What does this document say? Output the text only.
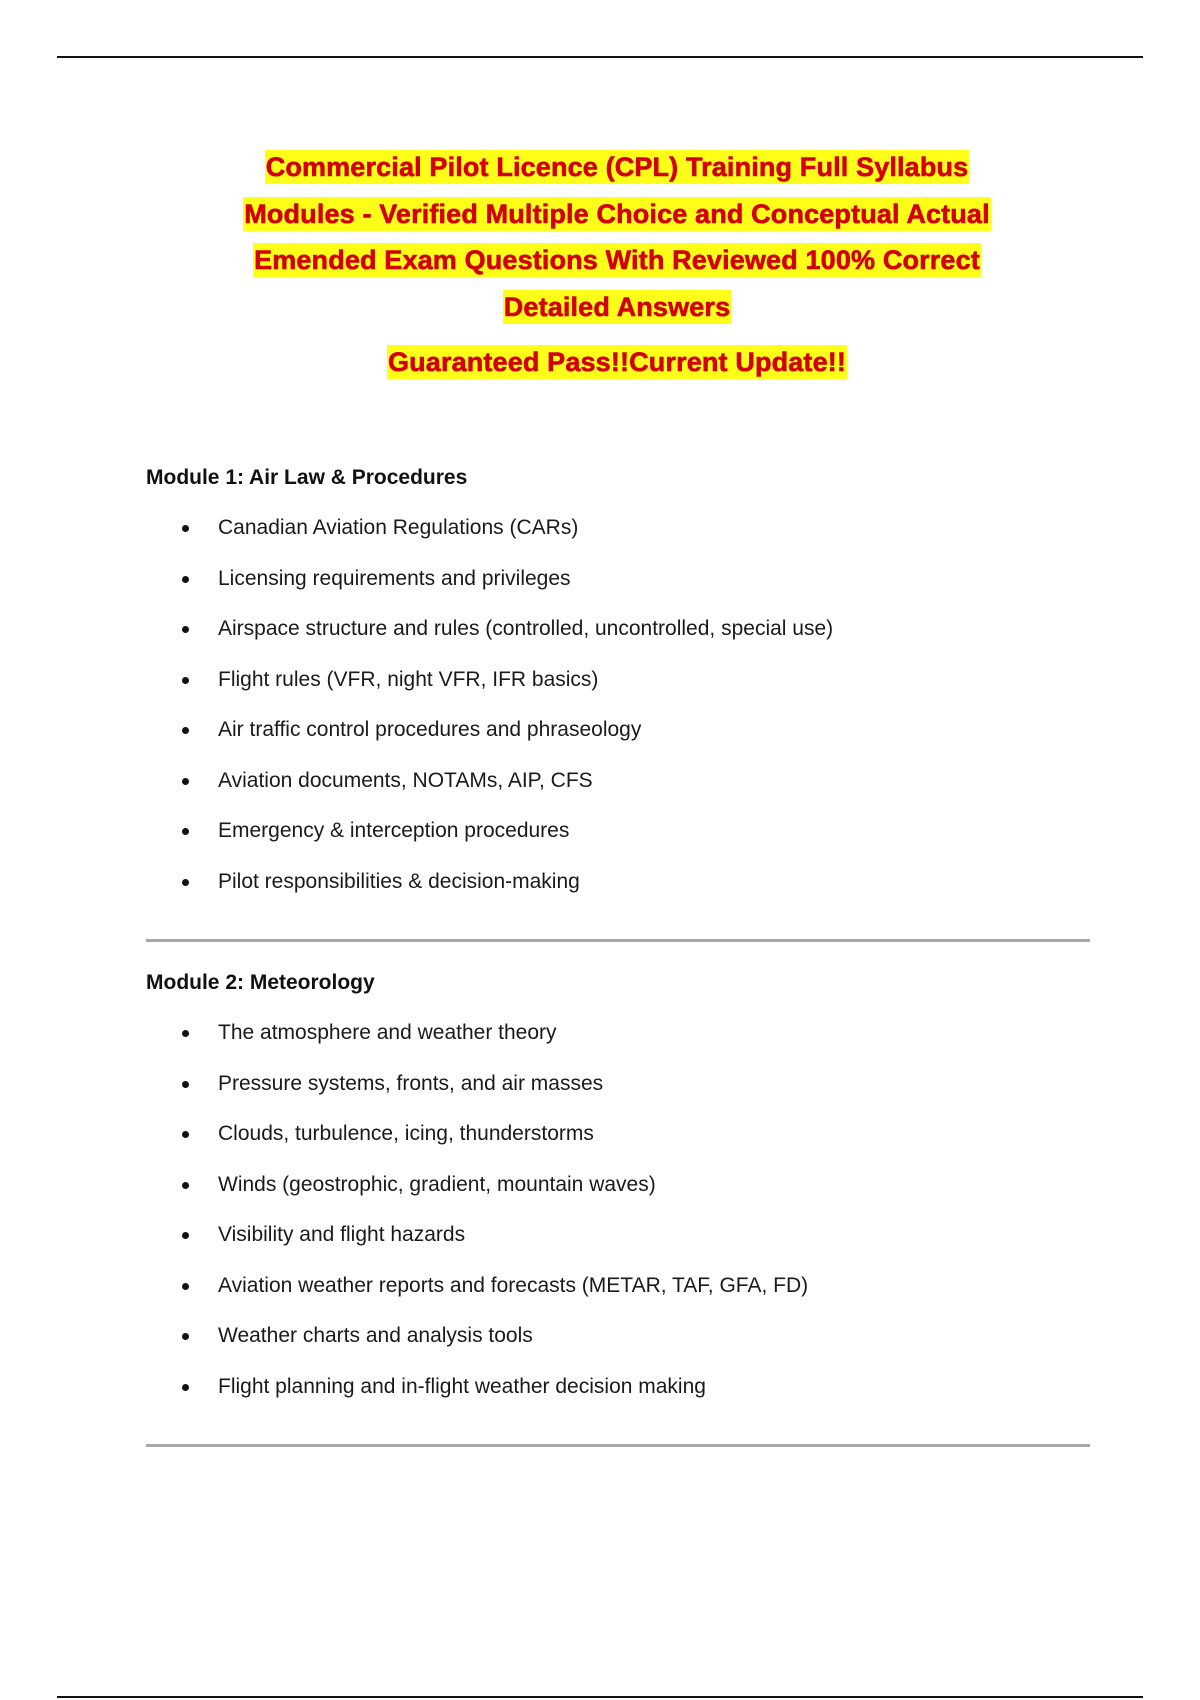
Commercial Pilot Licence (CPL) Training Full Syllabus
Modules - Verified Multiple Choice and Conceptual Actual
Emended Exam Questions With Reviewed 100% Correct
Detailed Answers

Guaranteed Pass!!Current Update!!

Module 1: Air Law & Procedures
Canadian Aviation Regulations (CARs)
Licensing requirements and privileges
Airspace structure and rules (controlled, uncontrolled, special use)
Flight rules (VFR, night VFR, IFR basics)
Air traffic control procedures and phraseology
Aviation documents, NOTAMs, AIP, CFS
Emergency & interception procedures
Pilot responsibilities & decision-making
Module 2: Meteorology
The atmosphere and weather theory
Pressure systems, fronts, and air masses
Clouds, turbulence, icing, thunderstorms
Winds (geostrophic, gradient, mountain waves)
Visibility and flight hazards
Aviation weather reports and forecasts (METAR, TAF, GFA, FD)
Weather charts and analysis tools
Flight planning and in-flight weather decision making
